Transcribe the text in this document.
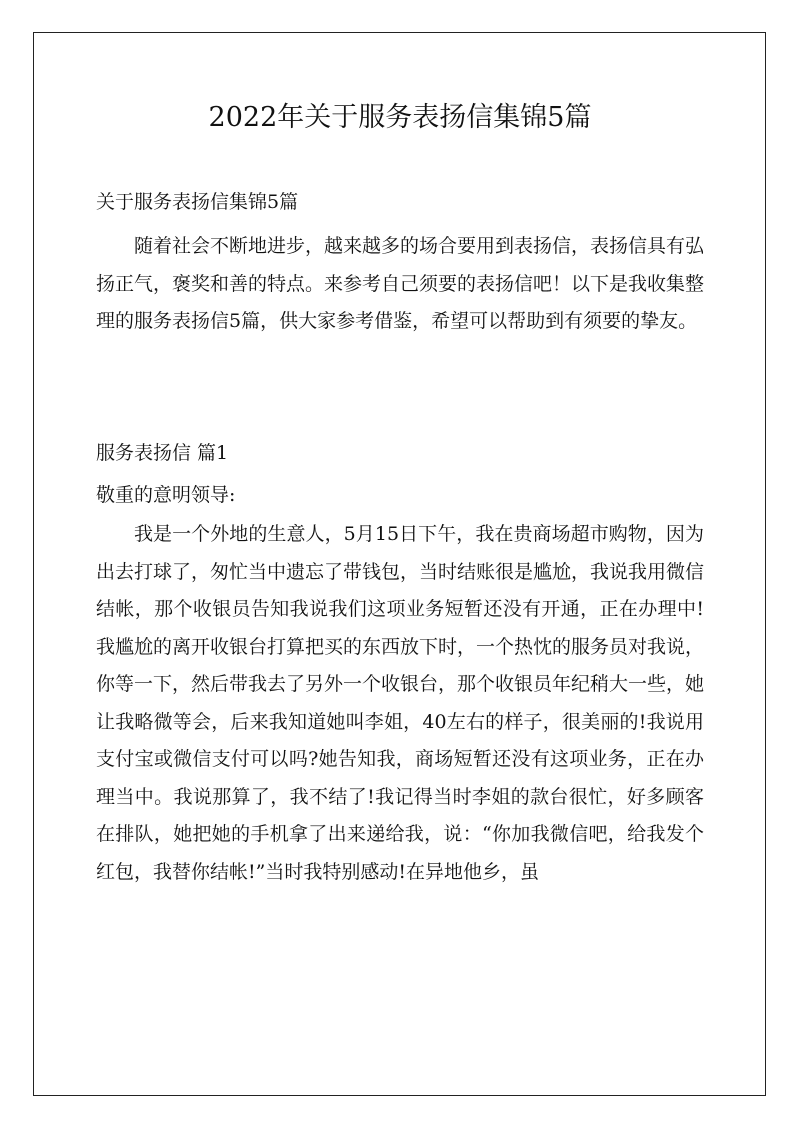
2022年关于服务表扬信集锦5篇
关于服务表扬信集锦5篇

随着社会不断地进步，越来越多的场合要用到表扬信，表扬信具有弘扬正气，褒奖和善的特点。来参考自己须要的表扬信吧！以下是我收集整理的服务表扬信5篇，供大家参考借鉴，希望可以帮助到有须要的挚友。

服务表扬信 篇1
敬重的意明领导:

我是一个外地的生意人，5月15日下午，我在贵商场超市购物，因为出去打球了，匆忙当中遗忘了带钱包，当时结账很是尴尬，我说我用微信结帐，那个收银员告知我说我们这项业务短暂还没有开通，正在办理中!我尴尬的离开收银台打算把买的东西放下时，一个热忱的服务员对我说，你等一下，然后带我去了另外一个收银台，那个收银员年纪稍大一些，她让我略微等会，后来我知道她叫李姐，40左右的样子，很美丽的!我说用支付宝或微信支付可以吗?她告知我，商场短暂还没有这项业务，正在办理当中。我说那算了，我不结了!我记得当时李姐的款台很忙，好多顾客在排队，她把她的手机拿了出来递给我，说：“你加我微信吧，给我发个红包，我替你结帐!”当时我特别感动!在异地他乡，虽
